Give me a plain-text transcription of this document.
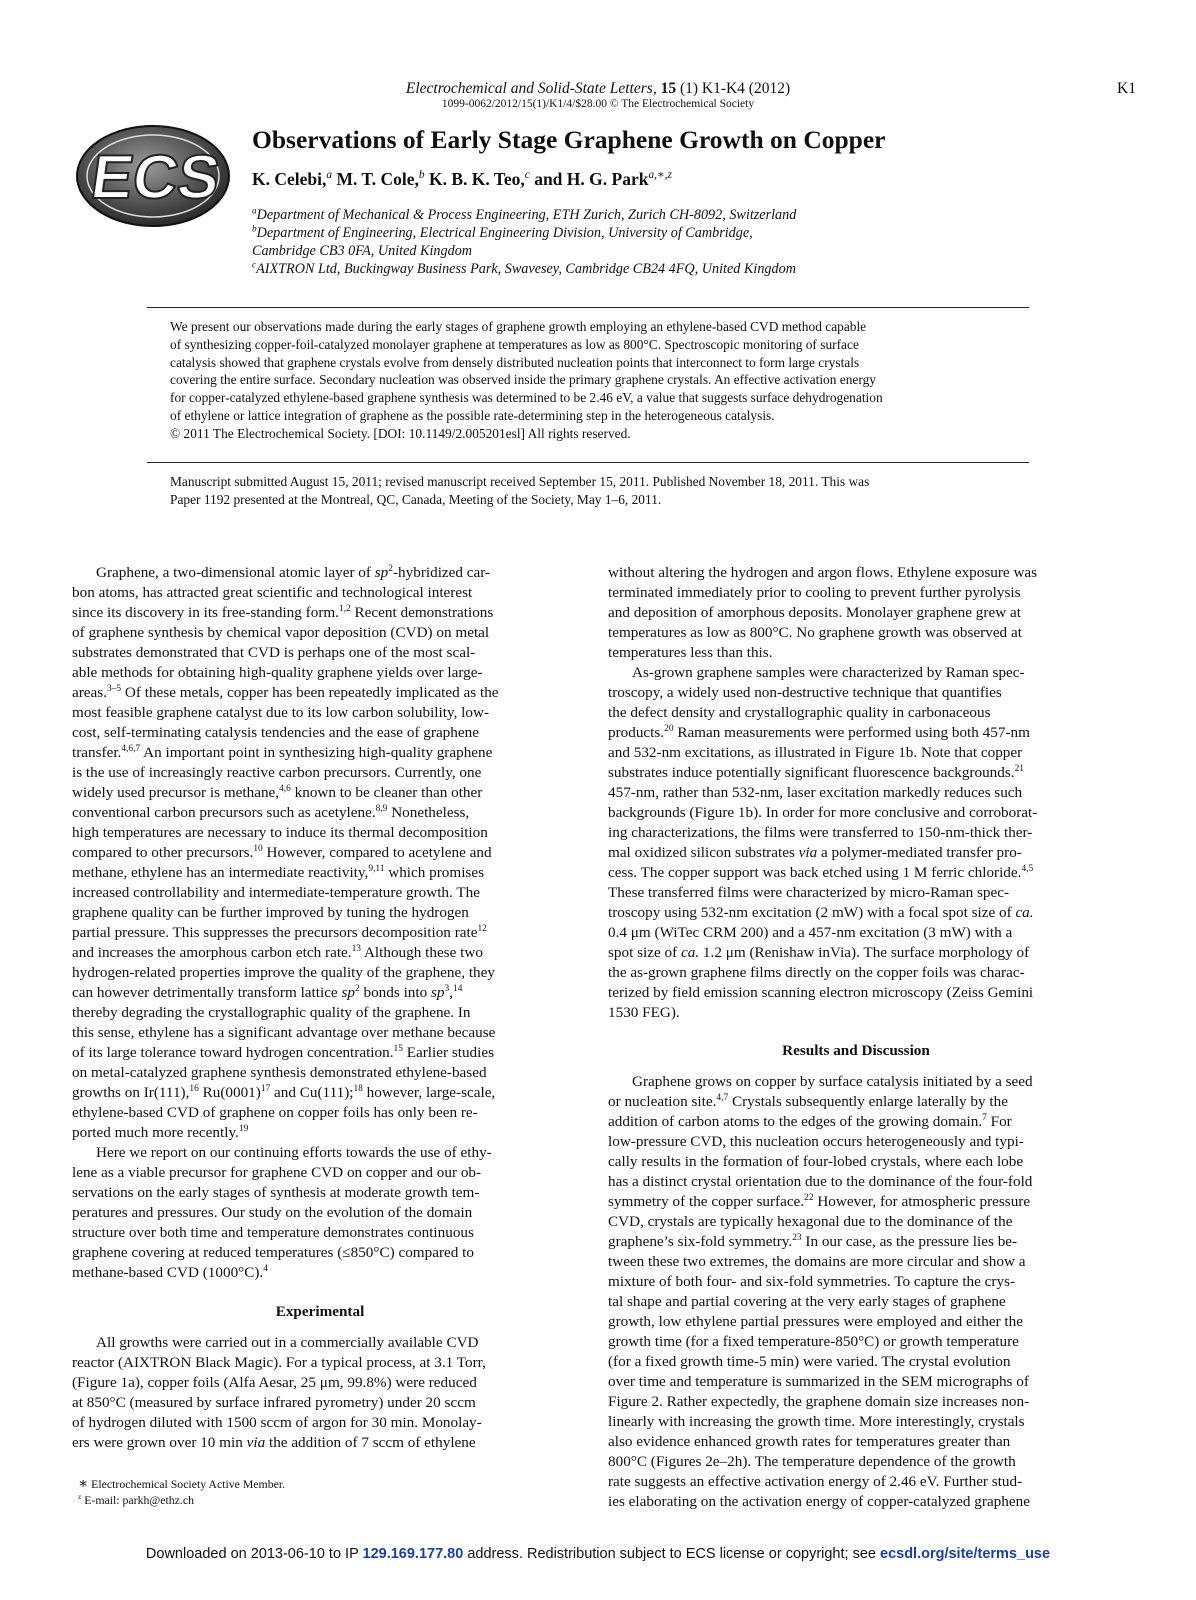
Electrochemical and Solid-State Letters, 15 (1) K1-K4 (2012)
1099-0062/2012/15(1)/K1/4/$28.00 © The Electrochemical Society
K1
ECS
Observations of Early Stage Graphene Growth on Copper
K. Celebi,$^a$ M. T. Cole,$^b$ K. B. K. Teo,$^c$ and H. G. Park$^{a,∗,z}$
$^a$Department of Mechanical & Process Engineering, ETH Zurich, Zurich CH-8092, Switzerland
$^b$Department of Engineering, Electrical Engineering Division, University of Cambridge,
Cambridge CB3 0FA, United Kingdom
$^c$AIXTRON Ltd, Buckingway Business Park, Swavesey, Cambridge CB24 4FQ, United Kingdom
We present our observations made during the early stages of graphene growth employing an ethylene-based CVD method capable
of synthesizing copper-foil-catalyzed monolayer graphene at temperatures as low as 800°C. Spectroscopic monitoring of surface
catalysis showed that graphene crystals evolve from densely distributed nucleation points that interconnect to form large crystals
covering the entire surface. Secondary nucleation was observed inside the primary graphene crystals. An effective activation energy
for copper-catalyzed ethylene-based graphene synthesis was determined to be 2.46 eV, a value that suggests surface dehydrogenation
of ethylene or lattice integration of graphene as the possible rate-determining step in the heterogeneous catalysis.
© 2011 The Electrochemical Society. [DOI: 10.1149/2.005201esl] All rights reserved.
Manuscript submitted August 15, 2011; revised manuscript received September 15, 2011. Published November 18, 2011. This was
Paper 1192 presented at the Montreal, QC, Canada, Meeting of the Society, May 1–6, 2011.
Graphene, a two-dimensional atomic layer of $sp^2$-hybridized car-
bon atoms, has attracted great scientific and technological interest
since its discovery in its free-standing form.$^{1,2}$ Recent demonstrations
of graphene synthesis by chemical vapor deposition (CVD) on metal
substrates demonstrated that CVD is perhaps one of the most scal-
able methods for obtaining high-quality graphene yields over large-
areas.$^{3-5}$ Of these metals, copper has been repeatedly implicated as the
most feasible graphene catalyst due to its low carbon solubility, low-
cost, self-terminating catalysis tendencies and the ease of graphene
transfer.$^{4,6,7}$ An important point in synthesizing high-quality graphene
is the use of increasingly reactive carbon precursors. Currently, one
widely used precursor is methane,$^{4,6}$ known to be cleaner than other
conventional carbon precursors such as acetylene.$^{8,9}$ Nonetheless,
high temperatures are necessary to induce its thermal decomposition
compared to other precursors.$^{10}$ However, compared to acetylene and
methane, ethylene has an intermediate reactivity,$^{9,11}$ which promises
increased controllability and intermediate-temperature growth. The
graphene quality can be further improved by tuning the hydrogen
partial pressure. This suppresses the precursors decomposition rate$^{12}$
and increases the amorphous carbon etch rate.$^{13}$ Although these two
hydrogen-related properties improve the quality of the graphene, they
can however detrimentally transform lattice $sp^2$ bonds into $sp^3,^{14}$
thereby degrading the crystallographic quality of the graphene. In
this sense, ethylene has a significant advantage over methane because
of its large tolerance toward hydrogen concentration.$^{15}$ Earlier studies
on metal-catalyzed graphene synthesis demonstrated ethylene-based
growths on Ir(111),$^{16}$ $Ru(0001)^{17}$ and Cu(111);$^{18}$ however, large-scale,
ethylene-based CVD of graphene on copper foils has only been re-
ported much more recently.$^{19}$
Here we report on our continuing efforts towards the use of ethy-
lene as a viable precursor for graphene CVD on copper and our ob-
servations on the early stages of synthesis at moderate growth tem-
peratures and pressures. Our study on the evolution of the domain
structure over both time and temperature demonstrates continuous
graphene covering at reduced temperatures (≤850°C) compared to
methane-based CVD (1000°C).$^4$
Experimental
All growths were carried out in a commercially available CVD
reactor (AIXTRON Black Magic). For a typical process, at 3.1 Torr,
(Figure 1a), copper foils (Alfa Aesar, 25 μm, 99.8%) were reduced
at 850°C (measured by surface infrared pyrometry) under 20 sccm
of hydrogen diluted with 1500 sccm of argon for 30 min. Monolay-
ers were grown over 10 min via the addition of 7 sccm of ethylene
without altering the hydrogen and argon flows. Ethylene exposure was
terminated immediately prior to cooling to prevent further pyrolysis
and deposition of amorphous deposits. Monolayer graphene grew at
temperatures as low as 800°C. No graphene growth was observed at
temperatures less than this.
As-grown graphene samples were characterized by Raman spec-
troscopy, a widely used non-destructive technique that quantifies
the defect density and crystallographic quality in carbonaceous
products.$^{20}$ Raman measurements were performed using both 457-nm
and 532-nm excitations, as illustrated in Figure 1b. Note that copper
substrates induce potentially significant fluorescence backgrounds.$^{21}$
457-nm, rather than 532-nm, laser excitation markedly reduces such
backgrounds (Figure 1b). In order for more conclusive and corroborat-
ing characterizations, the films were transferred to 150-nm-thick ther-
mal oxidized silicon substrates via a polymer-mediated transfer pro-
cess. The copper support was back etched using 1 M ferric chloride.$^{4,5}$
These transferred films were characterized by micro-Raman spec-
troscopy using 532-nm excitation (2 mW) with a focal spot size of ca.
0.4 μm (WiTec CRM 200) and a 457-nm excitation (3 mW) with a
spot size of ca. 1.2 μm (Renishaw inVia). The surface morphology of
the as-grown graphene films directly on the copper foils was charac-
terized by field emission scanning electron microscopy (Zeiss Gemini
1530 FEG).
Results and Discussion
Graphene grows on copper by surface catalysis initiated by a seed
or nucleation site.$^{4,7}$ Crystals subsequently enlarge laterally by the
addition of carbon atoms to the edges of the growing domain.$^7$ For
low-pressure CVD, this nucleation occurs heterogeneously and typi-
cally results in the formation of four-lobed crystals, where each lobe
has a distinct crystal orientation due to the dominance of the four-fold
symmetry of the copper surface.$^{22}$ However, for atmospheric pressure
CVD, crystals are typically hexagonal due to the dominance of the
graphene’s six-fold symmetry.$^{23}$ In our case, as the pressure lies be-
tween these two extremes, the domains are more circular and show a
mixture of both four- and six-fold symmetries. To capture the crys-
tal shape and partial covering at the very early stages of graphene
growth, low ethylene partial pressures were employed and either the
growth time (for a fixed temperature-850°C) or growth temperature
(for a fixed growth time-5 min) were varied. The crystal evolution
over time and temperature is summarized in the SEM micrographs of
Figure 2. Rather expectedly, the graphene domain size increases non-
linearly with increasing the growth time. More interestingly, crystals
also evidence enhanced growth rates for temperatures greater than
800°C (Figures 2e–2h). The temperature dependence of the growth
rate suggests an effective activation energy of 2.46 eV. Further stud-
ies elaborating on the activation energy of copper-catalyzed graphene
∗ Electrochemical Society Active Member.
$^z$ E-mail: parkh@ethz.ch
Downloaded on 2013-06-10 to IP 129.169.177.80 address. Redistribution subject to ECS license or copyright; see ecsdl.org/site/terms_use
